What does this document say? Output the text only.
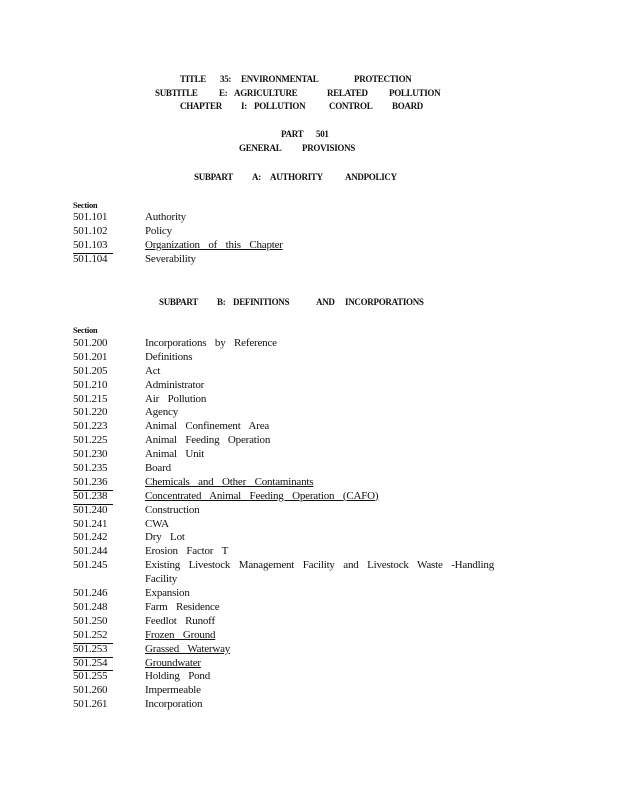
TITLE 35: ENVIRONMENTAL	PROTECTION
SUBTITLE E: AGRICULTURE	RELATED POLLUTION
CHAPTER I: POLLUTION	CONTROL BOARD
PART 501
GENERAL PROVISIONS
SUBPART A: AUTHORITY ANDPOLICY
Section
501.101	Authority
501.102	Policy
501.103	Organization of this Chapter
501.104	Severability
SUBPART B: DEFINITIONS	AND INCORPORATIONS
Section
501.200	Incorporations by Reference
501.201	Definitions
501.205	Act
501.210	Administrator
501.215	Air Pollution
501.220	Agency
501.223	Animal Confinement Area
501.225	Animal Feeding Operation
501.230	Animal Unit
501.235	Board
501.236	Chemicals and Other Contaminants
501.238	Concentrated Animal Feeding Operation (CAFO)
501.240	Construction
501.241	CWA
501.242	Dry Lot
501.244	Erosion Factor T
501.245	Existing Livestock Management Facility and Livestock Waste -Handling Facility
501.246	Expansion
501.248	Farm Residence
501.250	Feedlot Runoff
501.252	Frozen Ground
501.253	Grassed Waterway
501.254	Groundwater
501.255	Holding Pond
501.260	Impermeable
501.261	Incorporation
